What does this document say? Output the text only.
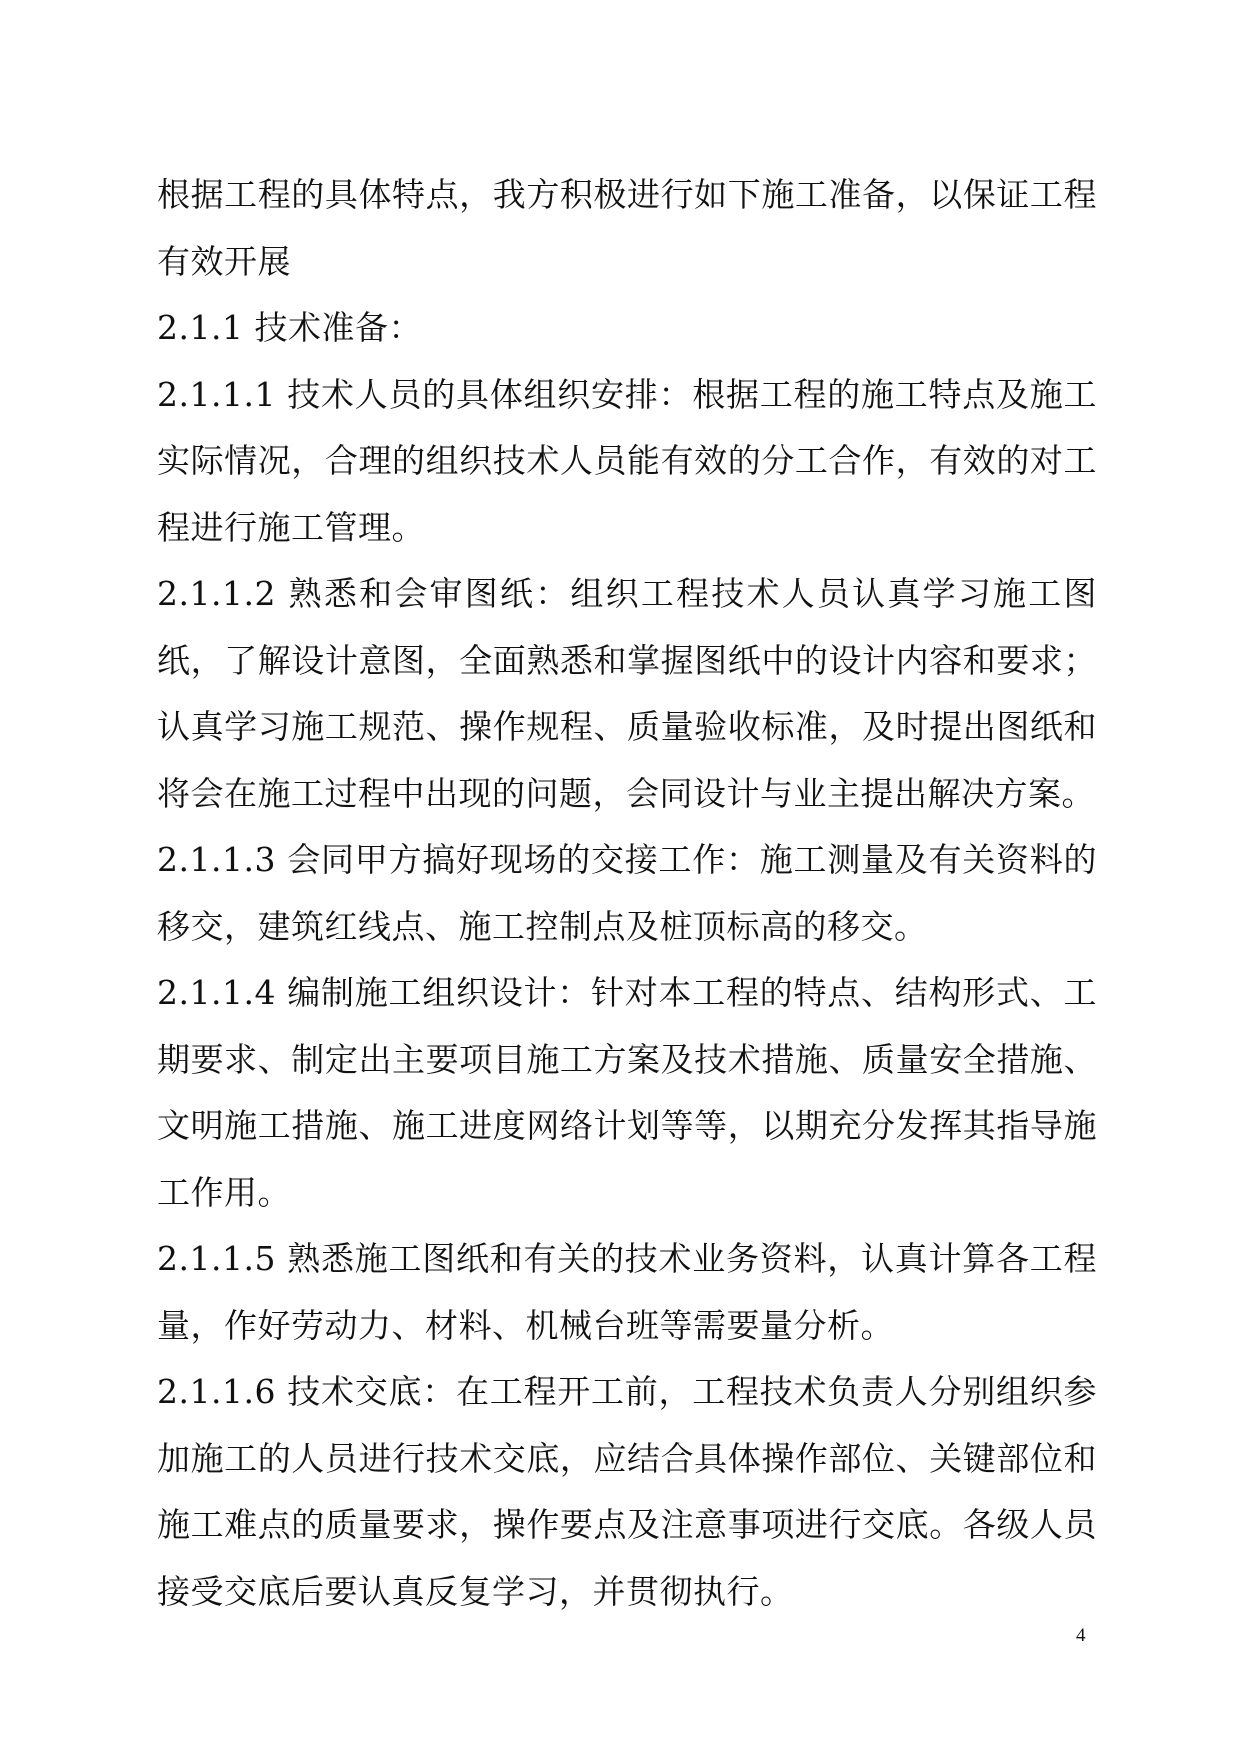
根据工程的具体特点，我方积极进行如下施工准备，以保证工程有效开展

2.1.1 技术准备：

2.1.1.1 技术人员的具体组织安排：根据工程的施工特点及施工实际情况，合理的组织技术人员能有效的分工合作，有效的对工程进行施工管理。

2.1.1.2 熟悉和会审图纸：组织工程技术人员认真学习施工图纸，了解设计意图，全面熟悉和掌握图纸中的设计内容和要求；认真学习施工规范、操作规程、质量验收标准，及时提出图纸和将会在施工过程中出现的问题，会同设计与业主提出解决方案。

2.1.1.3 会同甲方搞好现场的交接工作：施工测量及有关资料的移交，建筑红线点、施工控制点及桩顶标高的移交。

2.1.1.4 编制施工组织设计：针对本工程的特点、结构形式、工期要求、制定出主要项目施工方案及技术措施、质量安全措施、文明施工措施、施工进度网络计划等等，以期充分发挥其指导施工作用。

2.1.1.5 熟悉施工图纸和有关的技术业务资料，认真计算各工程量，作好劳动力、材料、机械台班等需要量分析。

2.1.1.6 技术交底：在工程开工前，工程技术负责人分别组织参加施工的人员进行技术交底，应结合具体操作部位、关键部位和施工难点的质量要求，操作要点及注意事项进行交底。各级人员接受交底后要认真反复学习，并贯彻执行。

4
